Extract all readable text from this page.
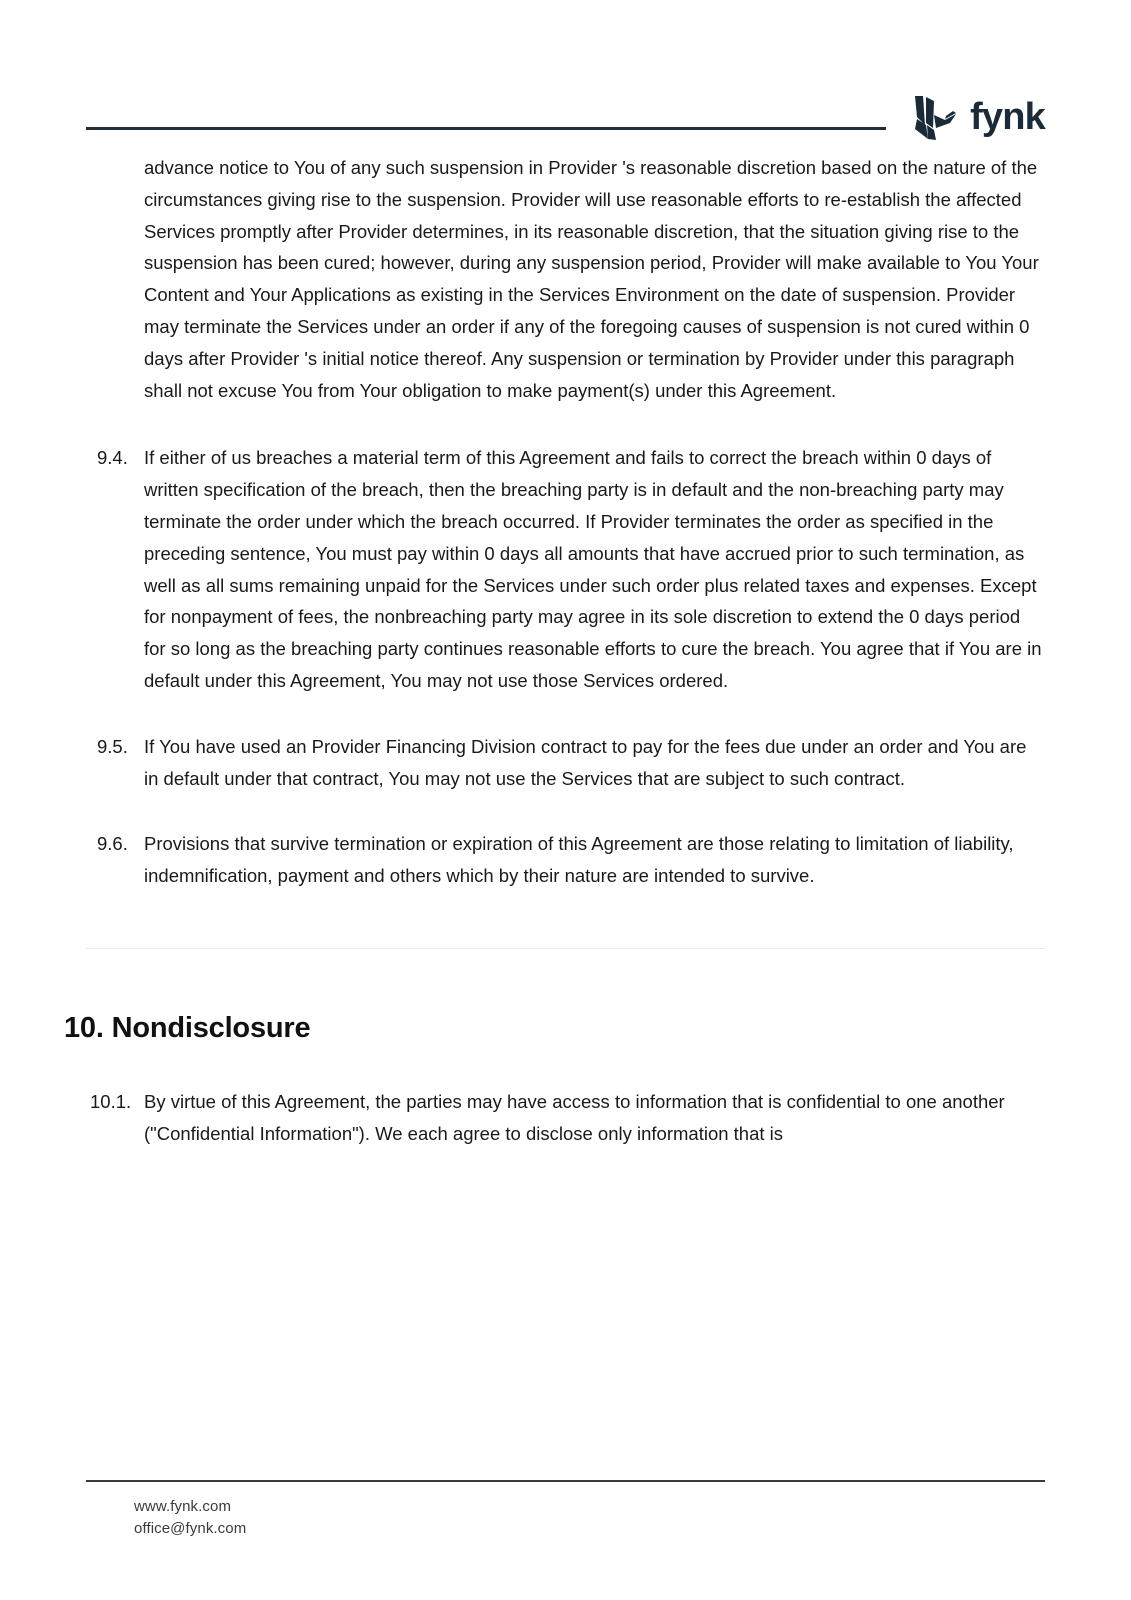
fynk

advance notice to You of any such suspension in Provider 's reasonable discretion based on the nature of the circumstances giving rise to the suspension. Provider will use reasonable efforts to re-establish the affected Services promptly after Provider determines, in its reasonable discretion, that the situation giving rise to the suspension has been cured; however, during any suspension period, Provider will make available to You Your Content and Your Applications as existing in the Services Environment on the date of suspension. Provider may terminate the Services under an order if any of the foregoing causes of suspension is not cured within 0 days after Provider 's initial notice thereof. Any suspension or termination by Provider under this paragraph shall not excuse You from Your obligation to make payment(s) under this Agreement.

9.4. If either of us breaches a material term of this Agreement and fails to correct the breach within 0 days of written specification of the breach, then the breaching party is in default and the non-breaching party may terminate the order under which the breach occurred. If Provider terminates the order as specified in the preceding sentence, You must pay within 0 days all amounts that have accrued prior to such termination, as well as all sums remaining unpaid for the Services under such order plus related taxes and expenses. Except for nonpayment of fees, the nonbreaching party may agree in its sole discretion to extend the 0 days period for so long as the breaching party continues reasonable efforts to cure the breach. You agree that if You are in default under this Agreement, You may not use those Services ordered.
9.5. If You have used an Provider Financing Division contract to pay for the fees due under an order and You are in default under that contract, You may not use the Services that are subject to such contract.
9.6. Provisions that survive termination or expiration of this Agreement are those relating to limitation of liability, indemnification, payment and others which by their nature are intended to survive.
10. Nondisclosure
10.1. By virtue of this Agreement, the parties may have access to information that is confidential to one another ("Confidential Information"). We each agree to disclose only information that is
www.fynk.com
office@fynk.com
